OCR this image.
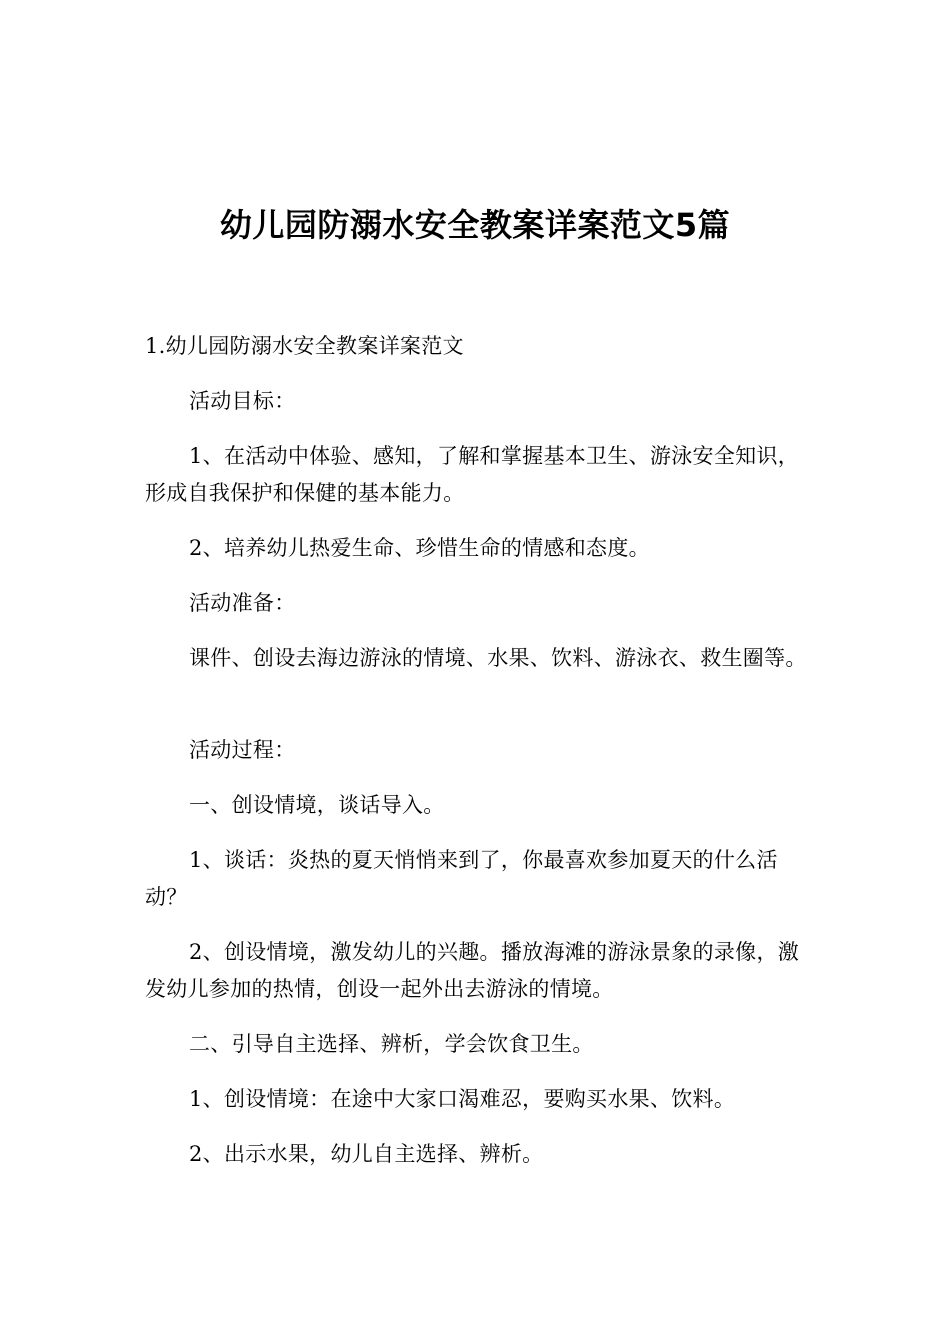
幼儿园防溺水安全教案详案范文5篇

1.幼儿园防溺水安全教案详案范文

活动目标：

1、在活动中体验、感知，了解和掌握基本卫生、游泳安全知识，形成自我保护和保健的基本能力。

2、培养幼儿热爱生命、珍惜生命的情感和态度。

活动准备：

课件、创设去海边游泳的情境、水果、饮料、游泳衣、救生圈等。

活动过程：

一、创设情境，谈话导入。

1、谈话：炎热的夏天悄悄来到了，你最喜欢参加夏天的什么活动？

2、创设情境，激发幼儿的兴趣。播放海滩的游泳景象的录像，激发幼儿参加的热情，创设一起外出去游泳的情境。

二、引导自主选择、辨析，学会饮食卫生。

1、创设情境：在途中大家口渴难忍，要购买水果、饮料。

2、出示水果，幼儿自主选择、辨析。
